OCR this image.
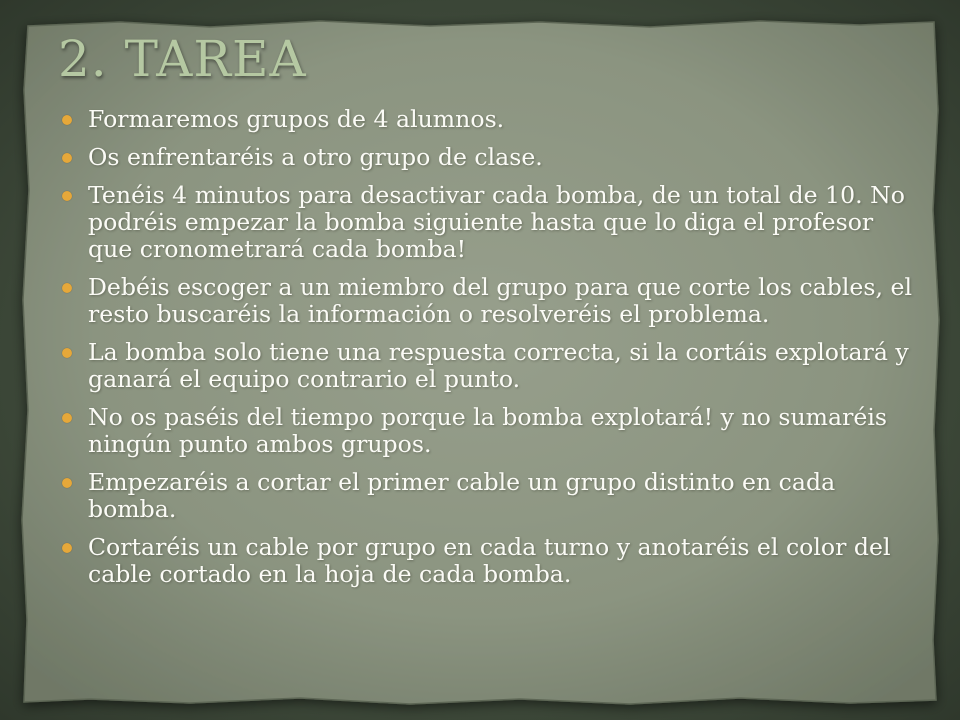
2. TAREA
Formaremos grupos de 4 alumnos.
Os enfrentaréis a otro grupo de clase.
Tenéis 4 minutos para desactivar cada bomba, de un total de 10. No podréis empezar la bomba siguiente hasta que lo diga el profesor que cronometrará cada bomba!
Debéis escoger a un miembro del grupo para que corte los cables, el resto buscaréis la información o resolveréis el problema.
La bomba solo tiene una respuesta correcta, si la cortáis explotará y ganará el equipo contrario el punto.
No os paséis del tiempo porque la bomba explotará! y no sumaréis ningún punto ambos grupos.
Empezaréis a cortar el primer cable un grupo distinto en cada bomba.
Cortaréis un cable por grupo en cada turno y anotaréis el color del cable cortado en la hoja de cada bomba.
